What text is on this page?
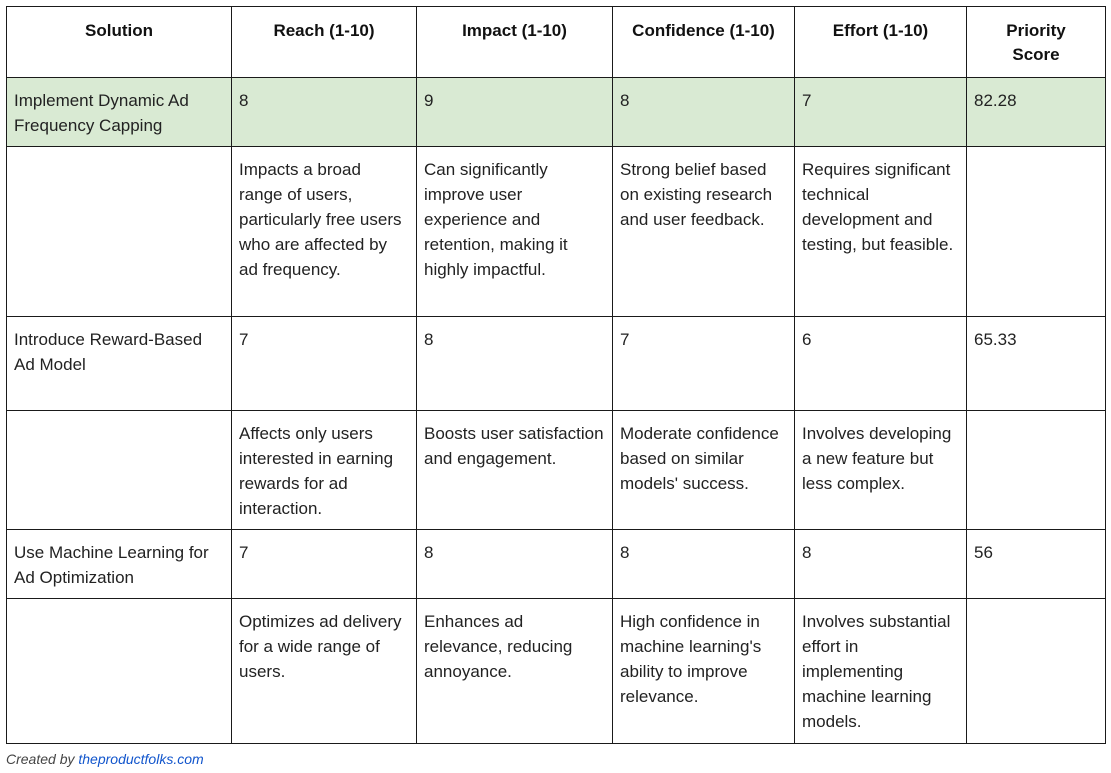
Solution	Reach (1-10)	Impact (1-10)	Confidence (1-10)	Effort (1-10)	Priority Score
Implement Dynamic Ad Frequency Capping	8	9	8	7	82.28
	Impacts a broad range of users, particularly free users who are affected by ad frequency.	Can significantly improve user experience and retention, making it highly impactful.	Strong belief based on existing research and user feedback.	Requires significant technical development and testing, but feasible.	
Introduce Reward-Based Ad Model	7	8	7	6	65.33
	Affects only users interested in earning rewards for ad interaction.	Boosts user satisfaction and engagement.	Moderate confidence based on similar models' success.	Involves developing a new feature but less complex.	
Use Machine Learning for Ad Optimization	7	8	8	8	56
	Optimizes ad delivery for a wide range of users.	Enhances ad relevance, reducing annoyance.	High confidence in machine learning's ability to improve relevance.	Involves substantial effort in implementing machine learning models.	
Created by theproductfolks.com
